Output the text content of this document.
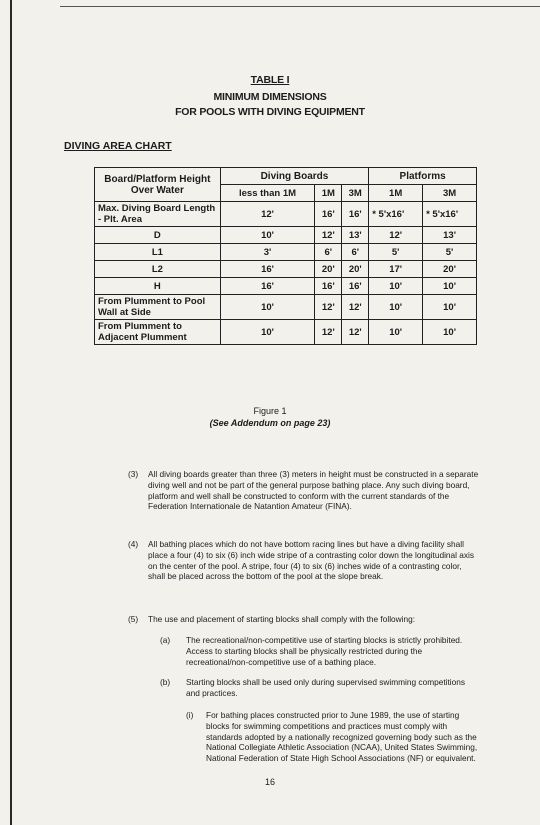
TABLE I
MINIMUM DIMENSIONS
FOR POOLS WITH DIVING EQUIPMENT
DIVING AREA CHART
Board/Platform Height Over Water	Diving Boards			Platforms	
	less than 1M	1M	3M	1M	3M
Max. Diving Board Length - Plt. Area	12'	16'	16'	* 5'x16'	* 5'x16'
D	10'	12'	13'	12'	13'
L1	3'	6'	6'	5'	5'
L2	16'	20'	20'	17'	20'
H	16'	16'	16'	10'	10'
From Plumment to Pool Wall at Side	10'	12'	12'	10'	10'
From Plumment to Adjacent Plumment	10'	12'	12'	10'	10'
Figure 1
(See Addendum on page 23)
(3) All diving boards greater than three (3) meters in height must be constructed in a separate diving well and not be part of the general purpose bathing place. Any such diving board, platform and well shall be constructed to conform with the current standards of the Federation Internationale de Natantion Amateur (FINA).
(4) All bathing places which do not have bottom racing lines but have a diving facility shall place a four (4) to six (6) inch wide stripe of a contrasting color down the longitudinal axis on the center of the pool. A stripe, four (4) to six (6) inches wide of a contrasting color, shall be placed across the bottom of the pool at the slope break.
(5) The use and placement of starting blocks shall comply with the following:
(a) The recreational/non-competitive use of starting blocks is strictly prohibited. Access to starting blocks shall be physically restricted during the recreational/non-competitive use of a bathing place.
(b) Starting blocks shall be used only during supervised swimming competitions and practices.
(i) For bathing places constructed prior to June 1989, the use of starting blocks for swimming competitions and practices must comply with standards adopted by a nationally recognized governing body such as the National Collegiate Athletic Association (NCAA), United States Swimming, National Federation of State High School Associations (NF) or equivalent.
16
